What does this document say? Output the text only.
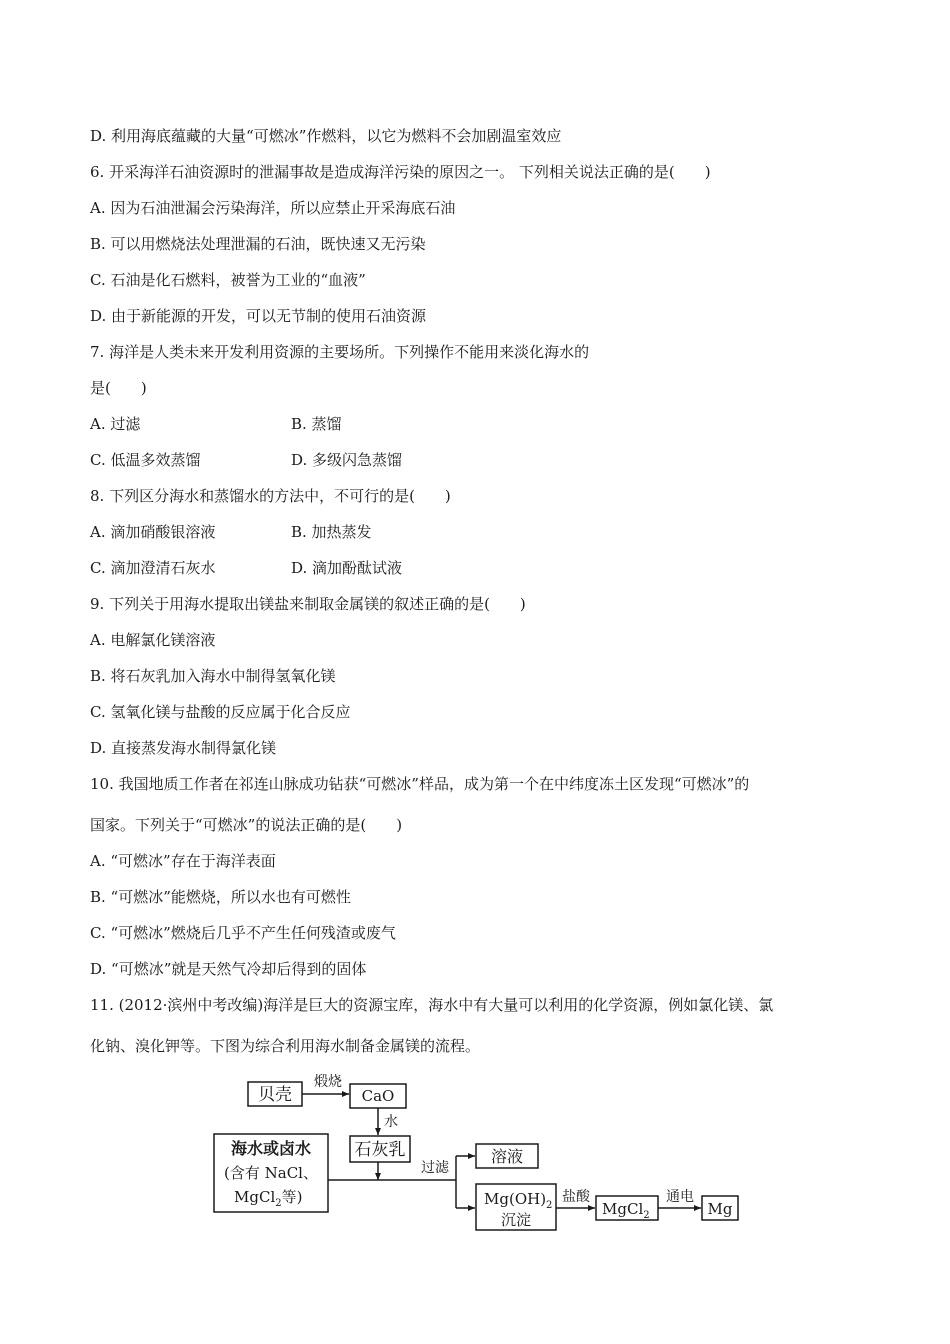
D. 利用海底蕴藏的大量“可燃冰”作燃料，以它为燃料不会加剧温室效应

6. 开采海洋石油资源时的泄漏事故是造成海洋污染的原因之一。 下列相关说法正确的是(　　)

A. 因为石油泄漏会污染海洋，所以应禁止开采海底石油

B. 可以用燃烧法处理泄漏的石油，既快速又无污染

C. 石油是化石燃料，被誉为工业的“血液”

D. 由于新能源的开发，可以无节制的使用石油资源

7. 海洋是人类未来开发利用资源的主要场所。下列操作不能用来淡化海水的

是(　　)

A. 过滤	B. 蒸馏
C. 低温多效蒸馏	D. 多级闪急蒸馏

8. 下列区分海水和蒸馏水的方法中，不可行的是(　　)

A. 滴加硝酸银溶液	B. 加热蒸发
C. 滴加澄清石灰水	D. 滴加酚酞试液

9. 下列关于用海水提取出镁盐来制取金属镁的叙述正确的是(　　)

A. 电解氯化镁溶液

B. 将石灰乳加入海水中制得氢氧化镁

C. 氢氧化镁与盐酸的反应属于化合反应

D. 直接蒸发海水制得氯化镁

10. 我国地质工作者在祁连山脉成功钻获“可燃冰”样品，成为第一个在中纬度冻土区发现“可燃冰”的

国家。下列关于“可燃冰”的说法正确的是(　　)

A. “可燃冰”存在于海洋表面

B. “可燃冰”能燃烧，所以水也有可燃性

C. “可燃冰”燃烧后几乎不产生任何残渣或废气

D. “可燃冰”就是天然气冷却后得到的固体

11. (2012·滨州中考改编)海洋是巨大的资源宝库，海水中有大量可以利用的化学资源，例如氯化镁、氯

化钠、溴化钾等。下图为综合利用海水制备金属镁的流程。

贝壳
煅烧
CaO
水
石灰乳
海水或卤水
(含有 NaCl、
MgCl$_2$等)
过滤
溶液
$Mg(OH)_2$
沉淀
盐酸
MgCl$_2$
通电
Mg
